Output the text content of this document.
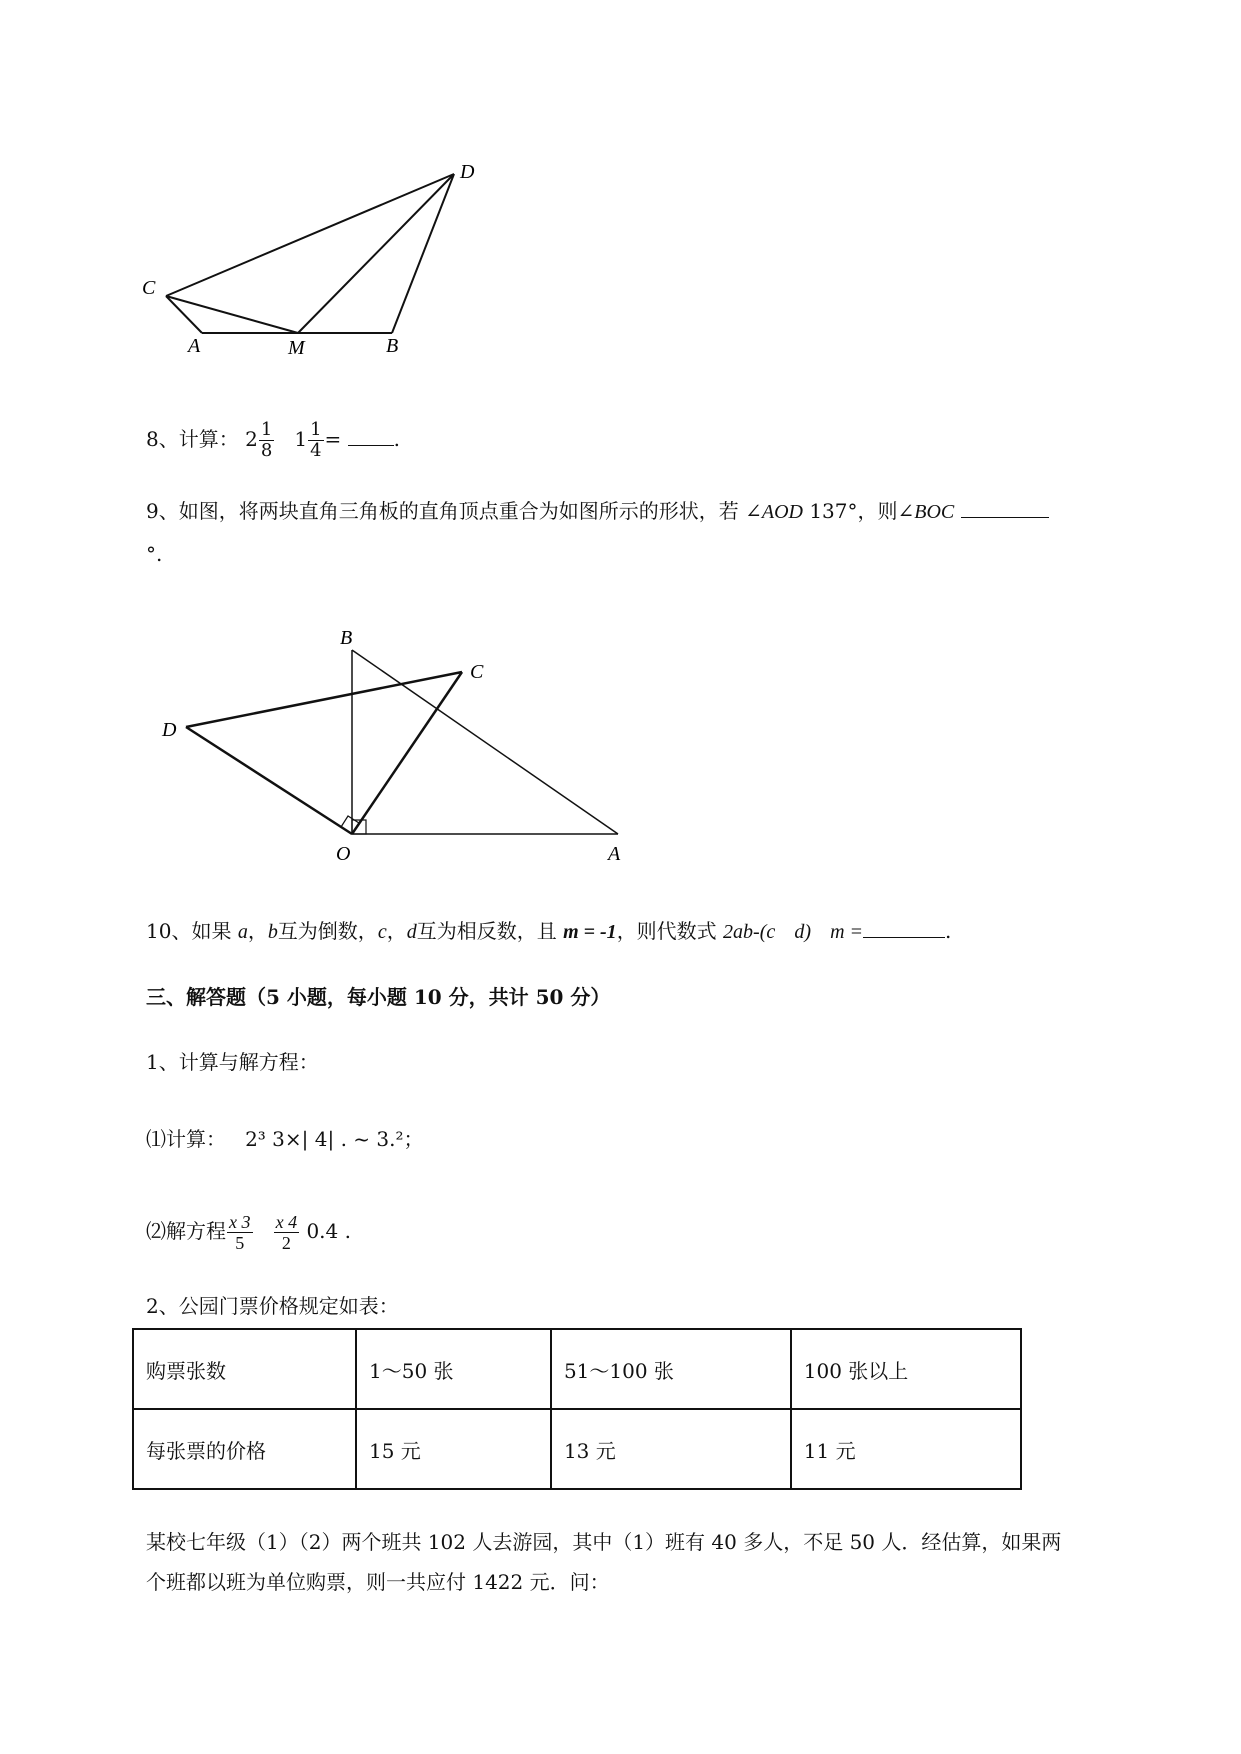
C
A	M	B
D
8、计算： $2 \frac{1}{8} 1 \frac{1}{4}$ =	.
9、如图，将两块直角三角板的直角顶点重合为如图所示的形状，若 ∠AOD 137°，则∠BOC
°.
B
C
D
O	A
10、如果 a，b互为倒数，c，d互为相反数，且 m = -1，则代数式 2ab-(c d) m =	.
三、解答题（5 小题，每小题 10 分，共计 50 分）
1、计算与解方程：
⑴计算： 2³ 3×| 4| . ~ 3.²；
⑵解方程 $\frac{x 3}{5}$
$\frac{x 4}{2} 0.4$ .
2、公园门票价格规定如表：
购票张数	1～50 张	51～100 张	100 张以上
每张票的价格	15 元	13 元	11 元
某校七年级（1）（2）两个班共 102 人去游园，其中（1）班有 40 多人，不足 50 人．经估算，如果两
个班都以班为单位购票，则一共应付 1422 元．问：
